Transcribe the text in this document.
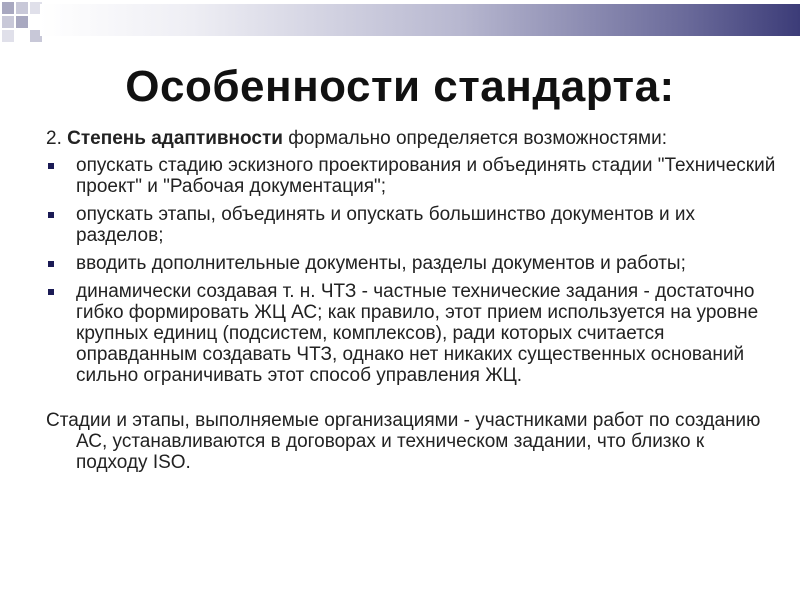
Особенности стандарта:

2. Степень адаптивности формально определяется возможностями:

опускать стадию эскизного проектирования и объединять стадии "Технический проект" и "Рабочая документация";
опускать этапы, объединять и опускать большинство документов и их разделов;
вводить дополнительные документы, разделы документов и работы;
динамически создавая т. н. ЧТЗ - частные технические задания - достаточно гибко формировать ЖЦ АС; как правило, этот прием используется на уровне крупных единиц (подсистем, комплексов), ради которых считается оправданным создавать ЧТЗ, однако нет никаких существенных оснований сильно ограничивать этот способ управления ЖЦ.

Стадии и этапы, выполняемые организациями - участниками работ по созданию АС, устанавливаются в договорах и техническом задании, что близко к подходу ISO.
